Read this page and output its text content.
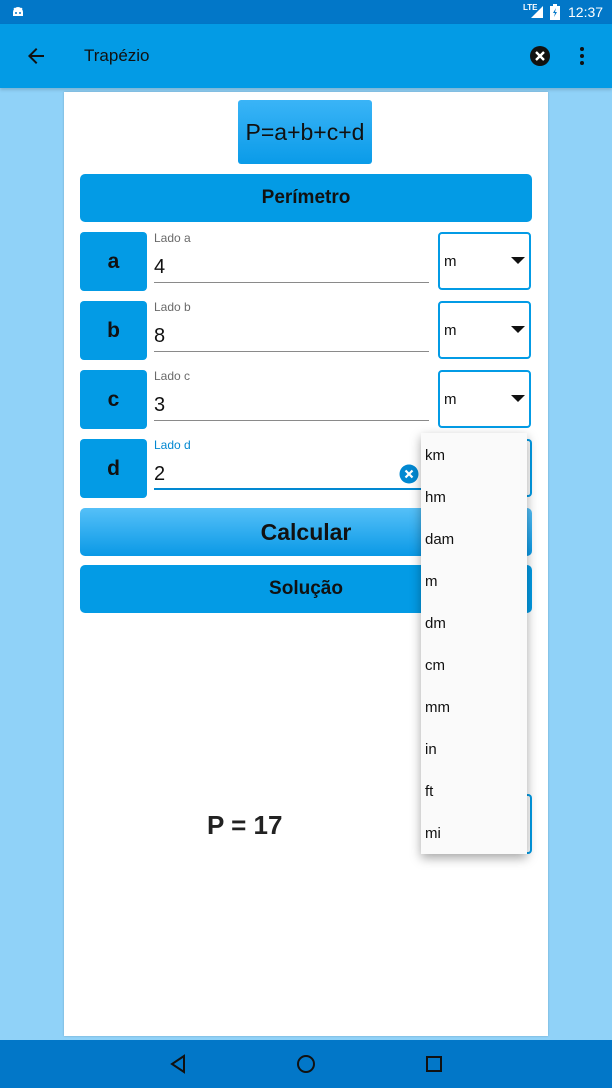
LTE 12:37
Trapézio
P=a+b+c+d
Perímetro
a
Lado a
4
m
b
Lado b
8
m
c
Lado c
3
m
d
Lado d
2
Calcular
Solução
P = 17
km
hm
dam
m
dm
cm
mm
in
ft
mi
